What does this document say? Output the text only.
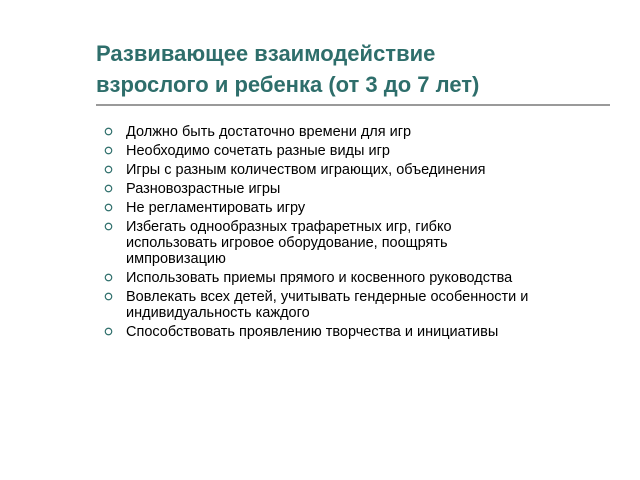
Развивающее взаимодействие
взрослого и ребенка (от 3 до 7 лет)
Должно быть достаточно времени для игр
Необходимо сочетать разные виды игр
Игры с разным количеством играющих, объединения
Разновозрастные игры
Не регламентировать игру
Избегать однообразных трафаретных игр, гибко
использовать игровое оборудование, поощрять
импровизацию
Использовать приемы прямого и косвенного руководства
Вовлекать всех детей, учитывать гендерные особенности и
индивидуальность каждого
Способствовать проявлению творчества и инициативы
